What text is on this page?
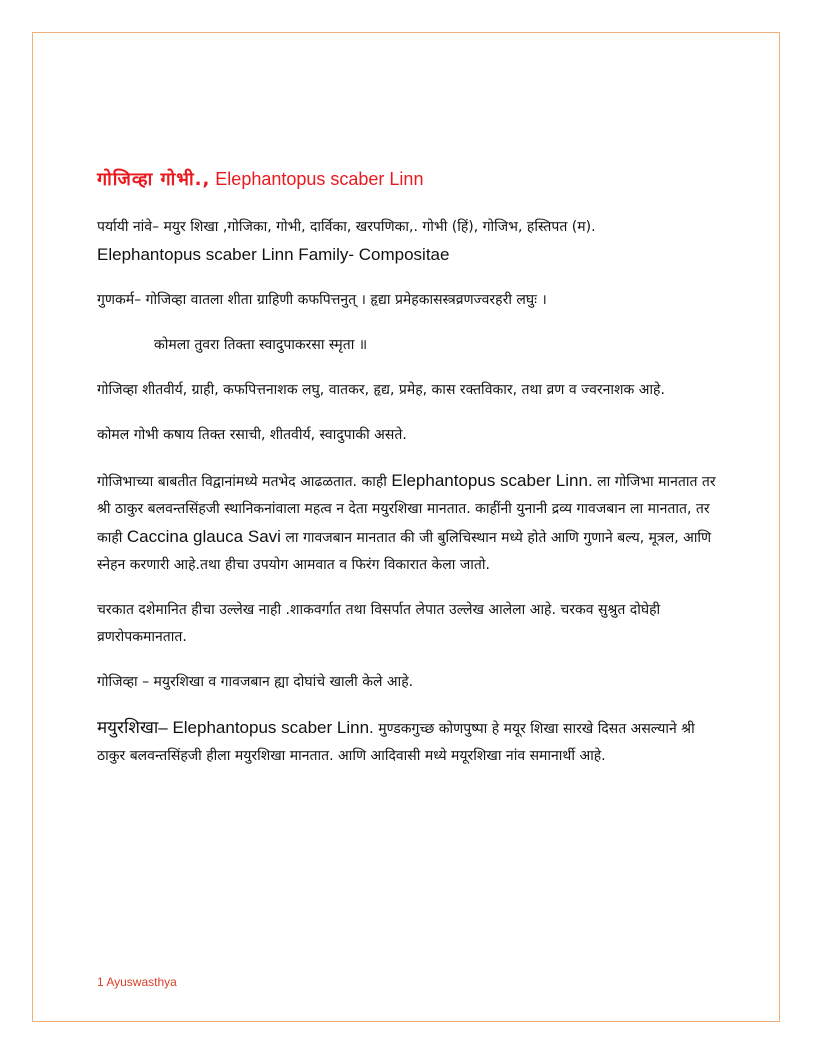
गोजिव्हा गोभी., Elephantopus scaber Linn

पर्यायी नांवे– मयुर शिखा ,गोजिका, गोभी, दार्विका, खरपणिका,. गोभी (हिं), गोजिभ, हस्तिपत (म).

Elephantopus scaber Linn Family- Compositae

गुणकर्म– गोजिव्हा वातला शीता ग्राहिणी कफपित्तनुत् । हृद्या प्रमेहकासस्त्रव्रणज्वरहरी लघुः ।

कोमला तुवरा तिक्ता स्वादुपाकरसा स्मृता ॥

गोजिव्हा शीतवीर्य, ग्राही, कफपित्तनाशक लघु, वातकर, हृद्य, प्रमेह, कास रक्तविकार, तथा व्रण व ज्वरनाशक आहे.

कोमल गोभी कषाय तिक्त रसाची, शीतवीर्य, स्वादुपाकी असते.

गोजिभाच्या बाबतीत विद्वानांमध्ये मतभेद आढळतात. काही Elephantopus scaber Linn. ला गोजिभा मानतात तर श्री ठाकुर बलवन्तसिंहजी स्थानिकनांवाला महत्व न देता मयुरशिखा मानतात. काहींनी युनानी द्रव्य गावजबान ला मानतात, तर काही Caccina glauca Savi ला गावजबान मानतात की जी बुलिचिस्थान मध्ये होते आणि गुणाने बल्य, मूत्रल, आणि स्नेहन करणारी आहे.तथा हीचा उपयोग आमवात व फिरंग विकारात केला जातो.

चरकात दशेमानित हीचा उल्लेख नाही .शाकवर्गात तथा विसर्पात लेपात उल्लेख आलेला आहे. चरकव सुश्रुत दोघेही व्रणरोपकमानतात.

गोजिव्हा – मयुरशिखा व गावजबान ह्या दोघांचे खाली केले आहे.

मयुरशिखा– Elephantopus scaber Linn. मुण्डकगुच्छ कोणपुष्पा हे मयूर शिखा सारखे दिसत असल्याने श्री ठाकुर बलवन्तसिंहजी हीला मयुरशिखा मानतात. आणि आदिवासी मध्ये मयूरशिखा नांव समानार्थी आहे.

1 Ayuswasthya
